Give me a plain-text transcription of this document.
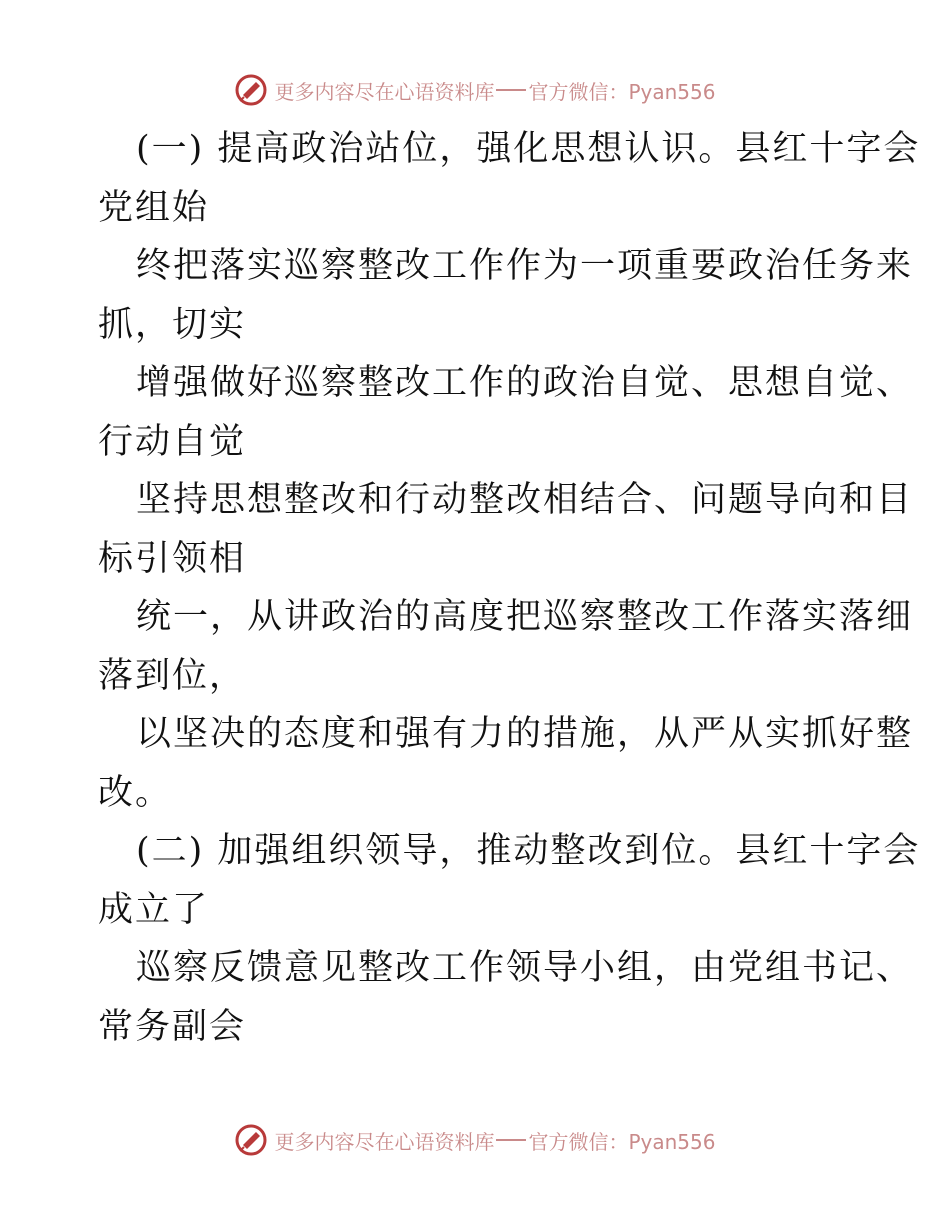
更多内容尽在心语资料库 官方微信：Pyan556
(一) 提高政治站位，强化思想认识。县红十字会
党组始
终把落实巡察整改工作作为一项重要政治任务来
抓，切实
增强做好巡察整改工作的政治自觉、思想自觉、
行动自觉
坚持思想整改和行动整改相结合、问题导向和目
标引领相
统一，从讲政治的高度把巡察整改工作落实落细
落到位，
以坚决的态度和强有力的措施，从严从实抓好整
改。
(二) 加强组织领导，推动整改到位。县红十字会
成立了
巡察反馈意见整改工作领导小组，由党组书记、
常务副会
更多内容尽在心语资料库 官方微信：Pyan556
